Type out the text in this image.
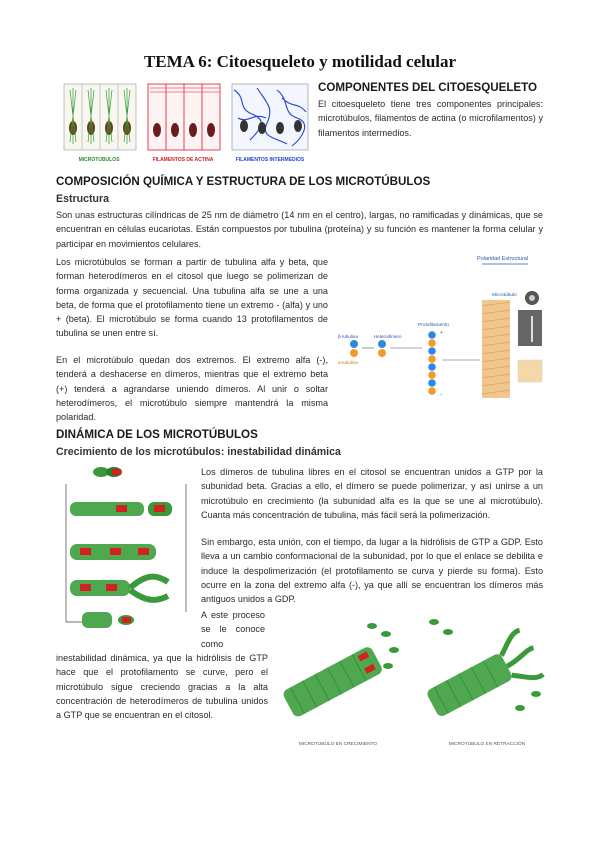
TEMA 6: Citoesqueleto y motilidad celular
MICROTÚBULOS	FILAMENTOS DE ACTINA	FILAMENTOS INTERMEDIOS
COMPONENTES DEL CITOESQUELETO

El citoesqueleto tiene tres componentes principales: microtúbulos, filamentos de actina (o microfilamentos) y filamentos intermedios.

COMPOSICIÓN QUÍMICA Y ESTRUCTURA DE LOS MICROTÚBULOS
Estructura

Son unas estructuras cilíndricas de 25 nm de diámetro (14 nm en el centro), largas, no ramificadas y dinámicas, que se encuentran en células eucariotas. Están compuestos por tubulina (proteína) y su función es mantener la forma celular y participar en movimientos celulares.

Los microtúbulos se forman a partir de tubulina alfa y beta, que forman heterodímeros en el citosol que luego se polimerizan de forma organizada y secuencial. Una tubulina alfa se une a una beta, de forma que el protofilamento tiene un extremo - (alfa) y uno + (beta). El microtúbulo se forma cuando 13 protofilamentos de tubulina se unen entre sí.

En el microtúbulo quedan dos extremos. El extremo alfa (-), tenderá a deshacerse en dímeros, mientras que el extremo beta (+) tenderá a agrandarse uniendo dímeros. Al unir o soltar heterodímeros, el microtúbulo siempre mantendrá la misma polaridad.

Polaridad Estructural
β-tubulina
α-tubulina
Heterodímero
Protofilamento
+
-
Microtúbulo
DINÁMICA DE LOS MICROTÚBULOS
Crecimiento de los microtúbulos: inestabilidad dinámica

Los dímeros de tubulina libres en el citosol se encuentran unidos a GTP por la subunidad beta. Gracias a ello, el dímero se puede polimerizar, y así unirse a un microtúbulo en crecimiento (la subunidad alfa es la que se une al microtúbulo). Cuanta más concentración de tubulina, más fácil será la polimerización.

Sin embargo, esta unión, con el tiempo, da lugar a la hidrólisis de GTP a GDP. Esto lleva a un cambio conformacional de la subunidad, por lo que el enlace se debilita e induce la despolimerización (el protofilamento se curva y pierde su forma). Esto ocurre en la zona del extremo alfa (-), ya que allí se encuentran los dímeros más antiguos unidos a GDP.

A este proceso se le conoce como

inestabilidad dinámica, ya que la hidrólisis de GTP hace que el protofilamento se curve, pero el microtúbulo sigue creciendo gracias a la alta concentración de heterodímeros de tubulina unidos a GTP que se encuentran en el citosol.

MICROTÚBULO EN CRECIMIENTO	MICROTÚBULO EN RETRACCIÓN
